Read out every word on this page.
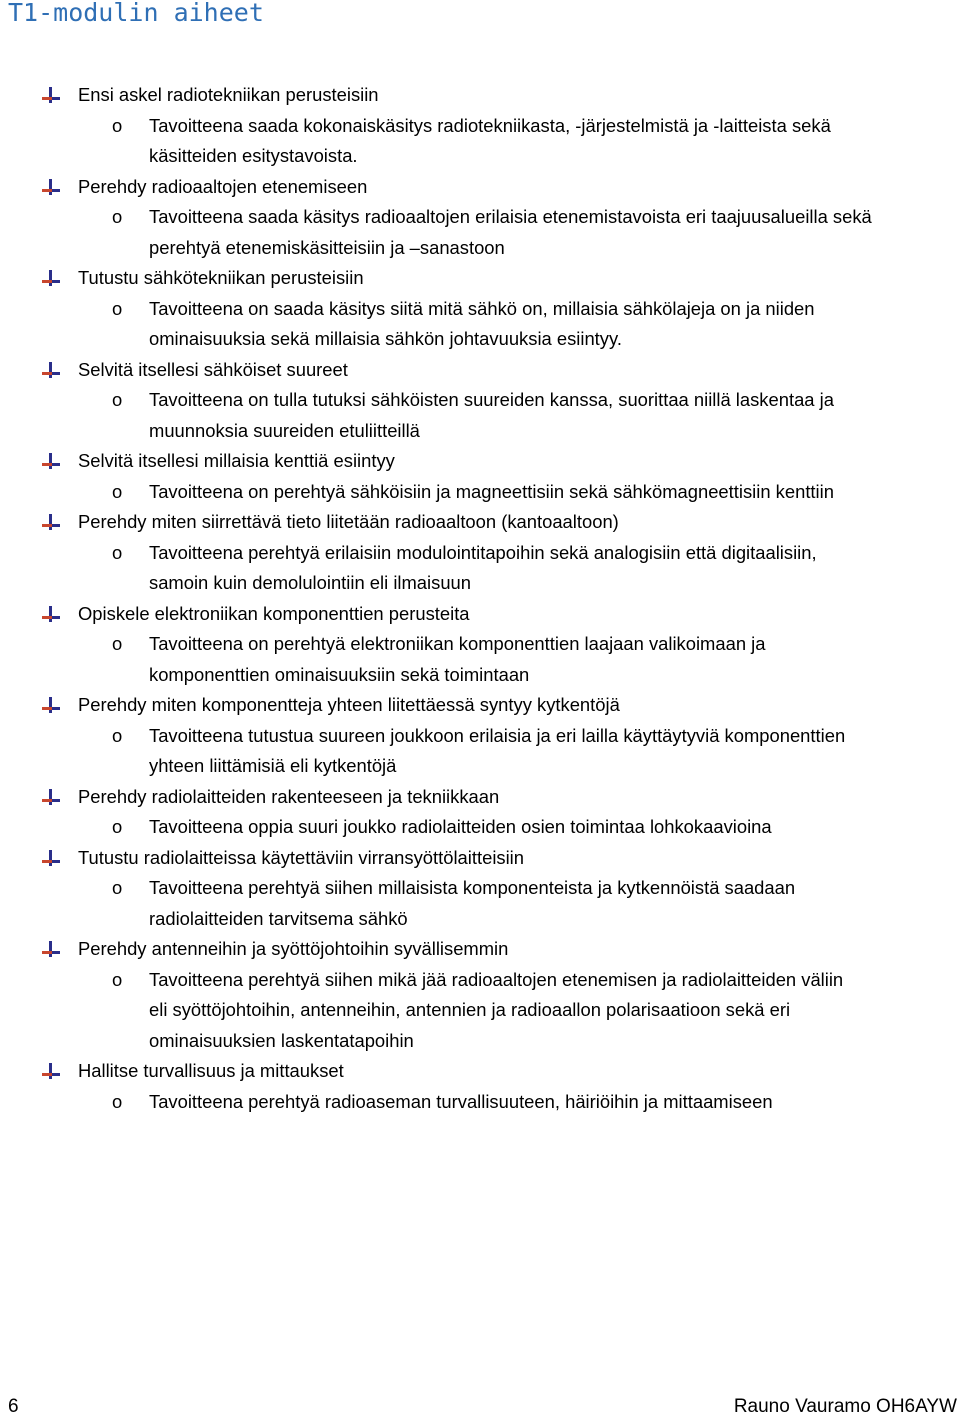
T1-modulin aiheet
Ensi askel radiotekniikan perusteisiin
o Tavoitteena saada kokonaiskäsitys radiotekniikasta, -järjestelmistä ja -laitteista sekä
käsitteiden esitystavoista.
Perehdy radioaaltojen etenemiseen
o Tavoitteena saada käsitys radioaaltojen erilaisia etenemistavoista eri taajuusalueilla sekä
perehtyä etenemiskäsitteisiin ja –sanastoon
Tutustu sähkötekniikan perusteisiin
o Tavoitteena on saada käsitys siitä mitä sähkö on, millaisia sähkölajeja on ja niiden
ominaisuuksia sekä millaisia sähkön johtavuuksia esiintyy.
Selvitä itsellesi sähköiset suureet
o Tavoitteena on tulla tutuksi sähköisten suureiden kanssa, suorittaa niillä laskentaa ja
muunnoksia suureiden etuliitteillä
Selvitä itsellesi millaisia kenttiä esiintyy
o Tavoitteena on perehtyä sähköisiin ja magneettisiin sekä sähkömagneettisiin kenttiin
Perehdy miten siirrettävä tieto liitetään radioaaltoon (kantoaaltoon)
o Tavoitteena perehtyä erilaisiin modulointitapoihin sekä analogisiin että digitaalisiin,
samoin kuin demolulointiin eli ilmaisuun
Opiskele elektroniikan komponenttien perusteita
o Tavoitteena on perehtyä elektroniikan komponenttien laajaan valikoimaan ja
komponenttien ominaisuuksiin sekä toimintaan
Perehdy miten komponentteja yhteen liitettäessä syntyy kytkentöjä
o Tavoitteena tutustua suureen joukkoon erilaisia ja eri lailla käyttäytyviä komponenttien
yhteen liittämisiä eli kytkentöjä
Perehdy radiolaitteiden rakenteeseen ja tekniikkaan
o Tavoitteena oppia suuri joukko radiolaitteiden osien toimintaa lohkokaavioina
Tutustu radiolaitteissa käytettäviin virransyöttölaitteisiin
o Tavoitteena perehtyä siihen millaisista komponenteista ja kytkennöistä saadaan
radiolaitteiden tarvitsema sähkö
Perehdy antenneihin ja syöttöjohtoihin syvällisemmin
o Tavoitteena perehtyä siihen mikä jää radioaaltojen etenemisen ja radiolaitteiden väliin
eli syöttöjohtoihin, antenneihin, antennien ja radioaallon polarisaatioon sekä eri
ominaisuuksien laskentatapoihin
Hallitse turvallisuus ja mittaukset
o Tavoitteena perehtyä radioaseman turvallisuuteen, häiriöihin ja mittaamiseen
6	Rauno Vauramo OH6AYW
